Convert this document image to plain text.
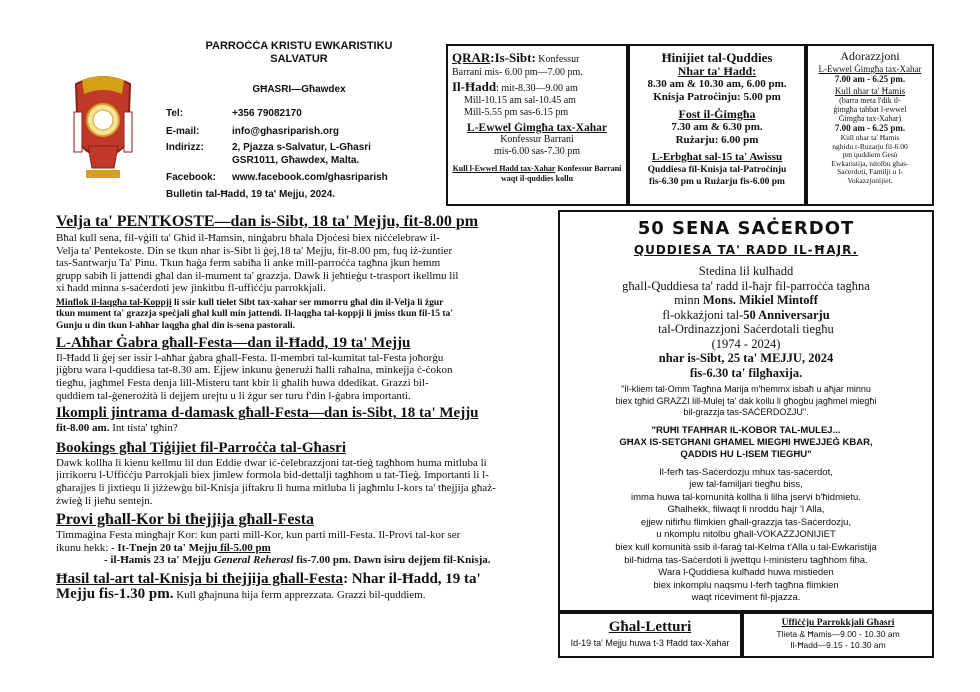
PARROĊĊA KRISTU EWKARISTIKU
SALVATUR
GĦASRI—Għawdex
Tel:	+356 79082170
E-mail:	info@ghasriparish.org
Indirizz:	2, Pjazza s-Salvatur, L-Għasri
GSR1011, Għawdex, Malta.
Facebook: www.facebook.com/ghasriparish
Bulletin tal-Ħadd, 19 ta' Mejju, 2024.
QRAR:Is-Sibt: Konfessur
Barrani mis- 6.00 pm—7.00 pm.
Il-Ħadd: mit-8.30—9.00 am
Mill-10.15 am sal-10.45 am
Mill-5.55 pm sas-6.15 pm
L-Ewwel Ġimgħa tax-Xahar
Konfessur Barrani
mis-6.00 sas-7.30 pm
Kull l-Ewwel Ħadd tax-Xahar Konfessur Barrani waqt il-quddies kollu
Ħinijiet tal-Quddies
Nhar ta' Ħadd:
8.30 am & 10.30 am, 6.00 pm.
Knisja Patroċinju: 5.00 pm
Fost il-Ġimgħa
7.30 am & 6.30 pm.
Rużarju: 6.00 pm
L-Erbgħat sal-15 ta' Awissu
Quddiesa fil-Knisja tal-Patroċinju
fis-6.30 pm u Rużarju fis-6.00 pm
Adorazzjoni
L-Ewwel Ġimgħa tax-Xahar
7.00 am - 6.25 pm.
Kull nhar ta' Ħamis
(barra meta l'dik il-
ġimgħa tahbat l-ewwel
Ġimgħa tax-Xahar)
7.00 am - 6.25 pm.
Kull nhar ta' Ħamis
nghidu r-Ruzarju fil-6.00
pm quddiem Ġesù
Ewkaristija, nitolbu għas-
Saċerdoti, Familji u l-
Vokazzjonijiet.
Velja ta' PENTKOSTE—dan is-Sibt, 18 ta' Mejju, fit-8.00 pm
Bħal kull sena, fil-vġili ta' Għid il-Ħamsin, ninġabru bħala Djoċesi biex niċċelebraw il-
Velja ta' Pentekoste. Din se tkun nhar is-Sibt li ġej,18 ta' Mejju, fit-8.00 pm, fuq iż-żuntier
tas-Santwarju Ta' Pinu. Tkun ħaġa ferm sabiħa li anke mill-parroċċa tagħna jkun hemm
grupp sabiħ li jattendi għal dan il-mument ta' grazzja. Dawk li jeħtieġu t-trasport ikellmu lil
xi ħadd minna s-saċerdoti jew jinkitbu fl-uffiċċju parrokkjali.
Minflok il-laqgħa tal-Koppji li ssir kull tielet Sibt tax-xahar ser mmorru għal din il-Velja li żgur
tkun mument ta' grazzja speċjali għal kull min jattendi. Il-laqgħa tal-koppji li jmiss tkun fil-15 ta'
Ġunju u din tkun l-aħħar laqgħa għal din is-sena pastorali.
L-Aħħar Ġabra għall-Festa—dan il-Ħadd, 19 ta' Mejju
Il-Ħadd li ġej ser issir l-aħħar ġabra għall-Festa. Il-membri tal-kumitat tal-Festa joħorġu
jiġbru wara l-quddiesa tat-8.30 am. Ejjew inkunu ġenerużi ħalli raħalna, minkejja ċ-ċokon
tiegħu, jagħmel Festa denja lill-Misteru tant kbir li għalih huwa ddedikat. Grazzi bil-
quddiem tal-ġenerożità li dejjem urejtu u li żgur ser turu f'din l-ġabra importanti.
Ikompli jintrama d-damask għall-Festa—dan is-Sibt, 18 ta' Mejju
fit-8.00 am. Int tista' tgħin?
Bookings għal Tiġijiet fil-Parroċċa tal-Għasri
Dawk kollha li kienu kellmu lil dun Eddie dwar iċ-ċelebrazzjoni tat-tieġ tagħhom huma mitluba li
jirrikorru l-Uffiċċju Parrokjali biex jimlew formola bid-dettalji tagħhom u tat-Tieġ. Importanti li l-
għarajjes li jixtiequ li jiżżewġu bil-Knisja jiftakru li huma mitluba li jagħmlu l-kors ta' tħejjija għaż-
żwieġ li jieħu sentejn.
Provi għall-Kor bi tħejjija għall-Festa
Timmaġina Festa mingħajr Kor: kun parti mill-Kor, kun parti mill-Festa. Il-Provi tal-kor ser
ikunu hekk: - It-Tnejn 20 ta' Mejju fil-5.00 pm
- il-Ħamis 23 ta' Mejju General Reherasl fis-7.00 pm. Dawn isiru dejjem fil-Knisja.
Ħasil tal-art tal-Knisja bi tħejjija għall-Festa: Nhar il-Ħadd, 19 ta'
Mejju fis-1.30 pm. Kull għajnuna hija ferm apprezzata. Grazzi bil-quddiem.
50 SENA SAĊERDOT
QUDDIESA TA' RADD IL-ĦAJR.
Stedina lil kulħadd
għall-Quddiesa ta' radd il-ħajr fil-parroċċa tagħna
minn Mons. Mikiel Mintoff
fl-okkażjoni tal-50 Anniversarju
tal-Ordinazzjoni Saċerdotali tiegħu
(1974 - 2024)
nhar is-Sibt, 25 ta' MEJJU, 2024
fis-6.30 ta' filgħaxija.
"Il-kliem tal-Omm Tagħna Marija m'hemmx isbaħ u aħjar minnu
biex tgħid GRAZZI lill-Mulej ta' dak kollu li għogbu jagħmel miegħi
bil-grazzja tas-SAĊERDOZJU".
"RUĦI TFAĦĦAR IL-KOBOR TAL-MULEJ...
GĦAX IS-SETGĦANI GĦAMEL MIEGĦI ĦWEJJEĠ KBAR,
QADDIS HU L-ISEM TIEGĦU"
Il-ferħ tas-Saċerdozju mhux tas-saċerdot,
jew tal-familjari tiegħu biss,
imma huwa tal-komunità kollha li lilha jservi b'ħidmietu.
Għalhekk, filwaqt li nroddu ħajr 'l Alla,
ejjew nifirħu flimkien għall-grazzja tas-Saċerdozju,
u nkomplu nitolbu għall-VOKAZZJONIJIET
biex kull komunità ssib il-faraġ tal-Kelma t'Alla u tal-Ewkaristija
bil-ħidma tas-Saċerdoti li jwettqu l-ministeru tagħhom fiha.
Wara l-Quddiesa kulħadd huwa mistieden
biex inkomplu naqsmu l-ferħ tagħna flimkien
waqt riċeviment fil-pjazza.
Għal-Letturi
Id-19 ta' Mejju huwa t-3 Ħadd tax-Xahar
Uffiċċju Parrokkjali Għasri
Tlieta & Ħamis—9.00 - 10.30 am
Il-Ħadd—9.15 - 10.30 am
